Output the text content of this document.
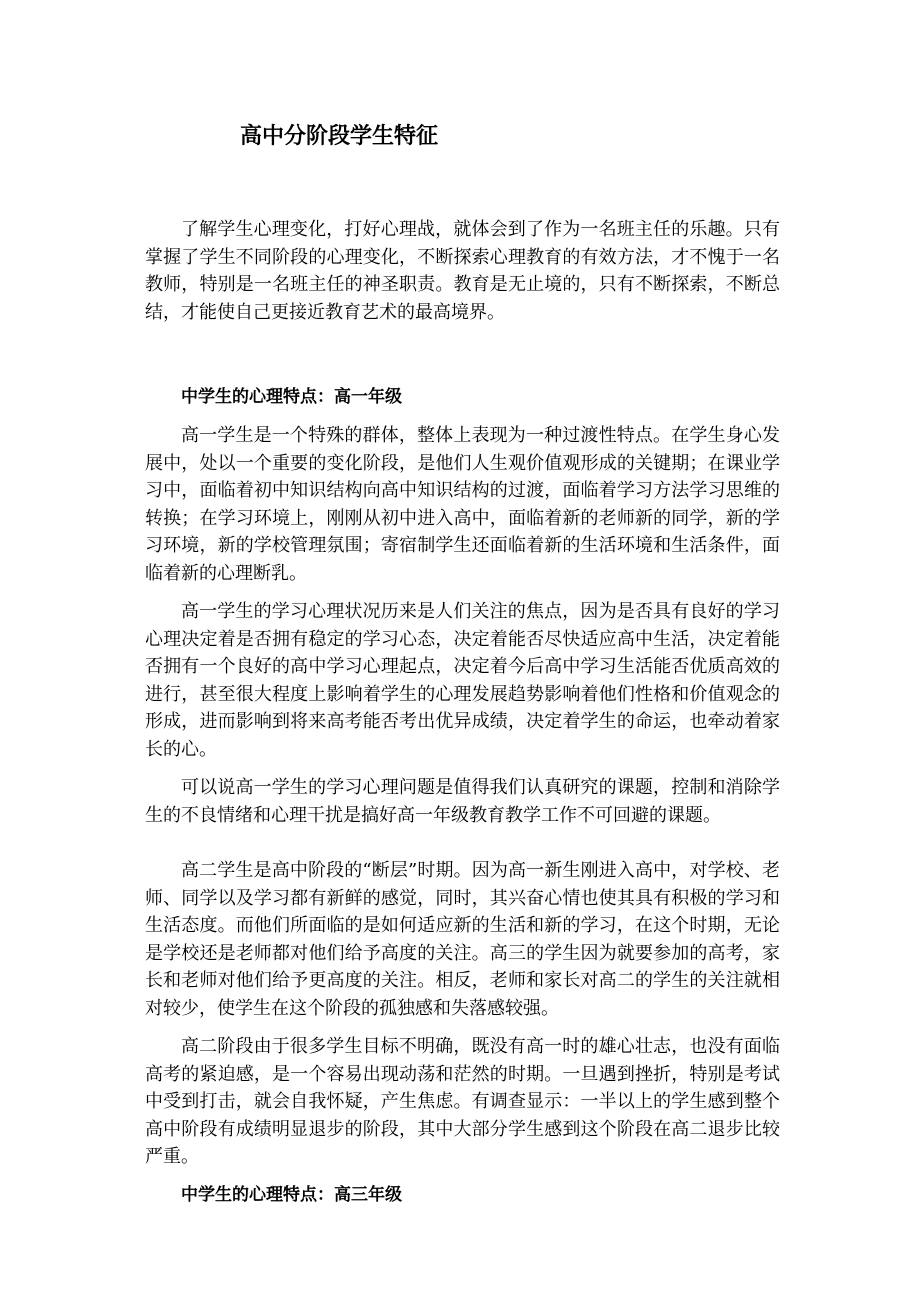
高中分阶段学生特征

了解学生心理变化，打好心理战，就体会到了作为一名班主任的乐趣。只有掌握了学生不同阶段的心理变化，不断探索心理教育的有效方法，才不愧于一名教师，特别是一名班主任的神圣职责。教育是无止境的，只有不断探索，不断总结，才能使自己更接近教育艺术的最高境界。

中学生的心理特点：高一年级

高一学生是一个特殊的群体，整体上表现为一种过渡性特点。在学生身心发展中，处以一个重要的变化阶段，是他们人生观价值观形成的关键期；在课业学习中，面临着初中知识结构向高中知识结构的过渡，面临着学习方法学习思维的转换；在学习环境上，刚刚从初中进入高中，面临着新的老师新的同学，新的学习环境，新的学校管理氛围；寄宿制学生还面临着新的生活环境和生活条件，面临着新的心理断乳。

高一学生的学习心理状况历来是人们关注的焦点，因为是否具有良好的学习心理决定着是否拥有稳定的学习心态，决定着能否尽快适应高中生活，决定着能否拥有一个良好的高中学习心理起点，决定着今后高中学习生活能否优质高效的进行，甚至很大程度上影响着学生的心理发展趋势影响着他们性格和价值观念的形成，进而影响到将来高考能否考出优异成绩，决定着学生的命运，也牵动着家长的心。

可以说高一学生的学习心理问题是值得我们认真研究的课题，控制和消除学生的不良情绪和心理干扰是搞好高一年级教育教学工作不可回避的课题。

高二学生是高中阶段的“断层”时期。因为高一新生刚进入高中，对学校、老师、同学以及学习都有新鲜的感觉，同时，其兴奋心情也使其具有积极的学习和生活态度。而他们所面临的是如何适应新的生活和新的学习，在这个时期，无论是学校还是老师都对他们给予高度的关注。高三的学生因为就要参加的高考，家长和老师对他们给予更高度的关注。相反，老师和家长对高二的学生的关注就相对较少，使学生在这个阶段的孤独感和失落感较强。

高二阶段由于很多学生目标不明确，既没有高一时的雄心壮志，也没有面临高考的紧迫感，是一个容易出现动荡和茫然的时期。一旦遇到挫折，特别是考试中受到打击，就会自我怀疑，产生焦虑。有调查显示：一半以上的学生感到整个高中阶段有成绩明显退步的阶段，其中大部分学生感到这个阶段在高二退步比较严重。

中学生的心理特点：高三年级
